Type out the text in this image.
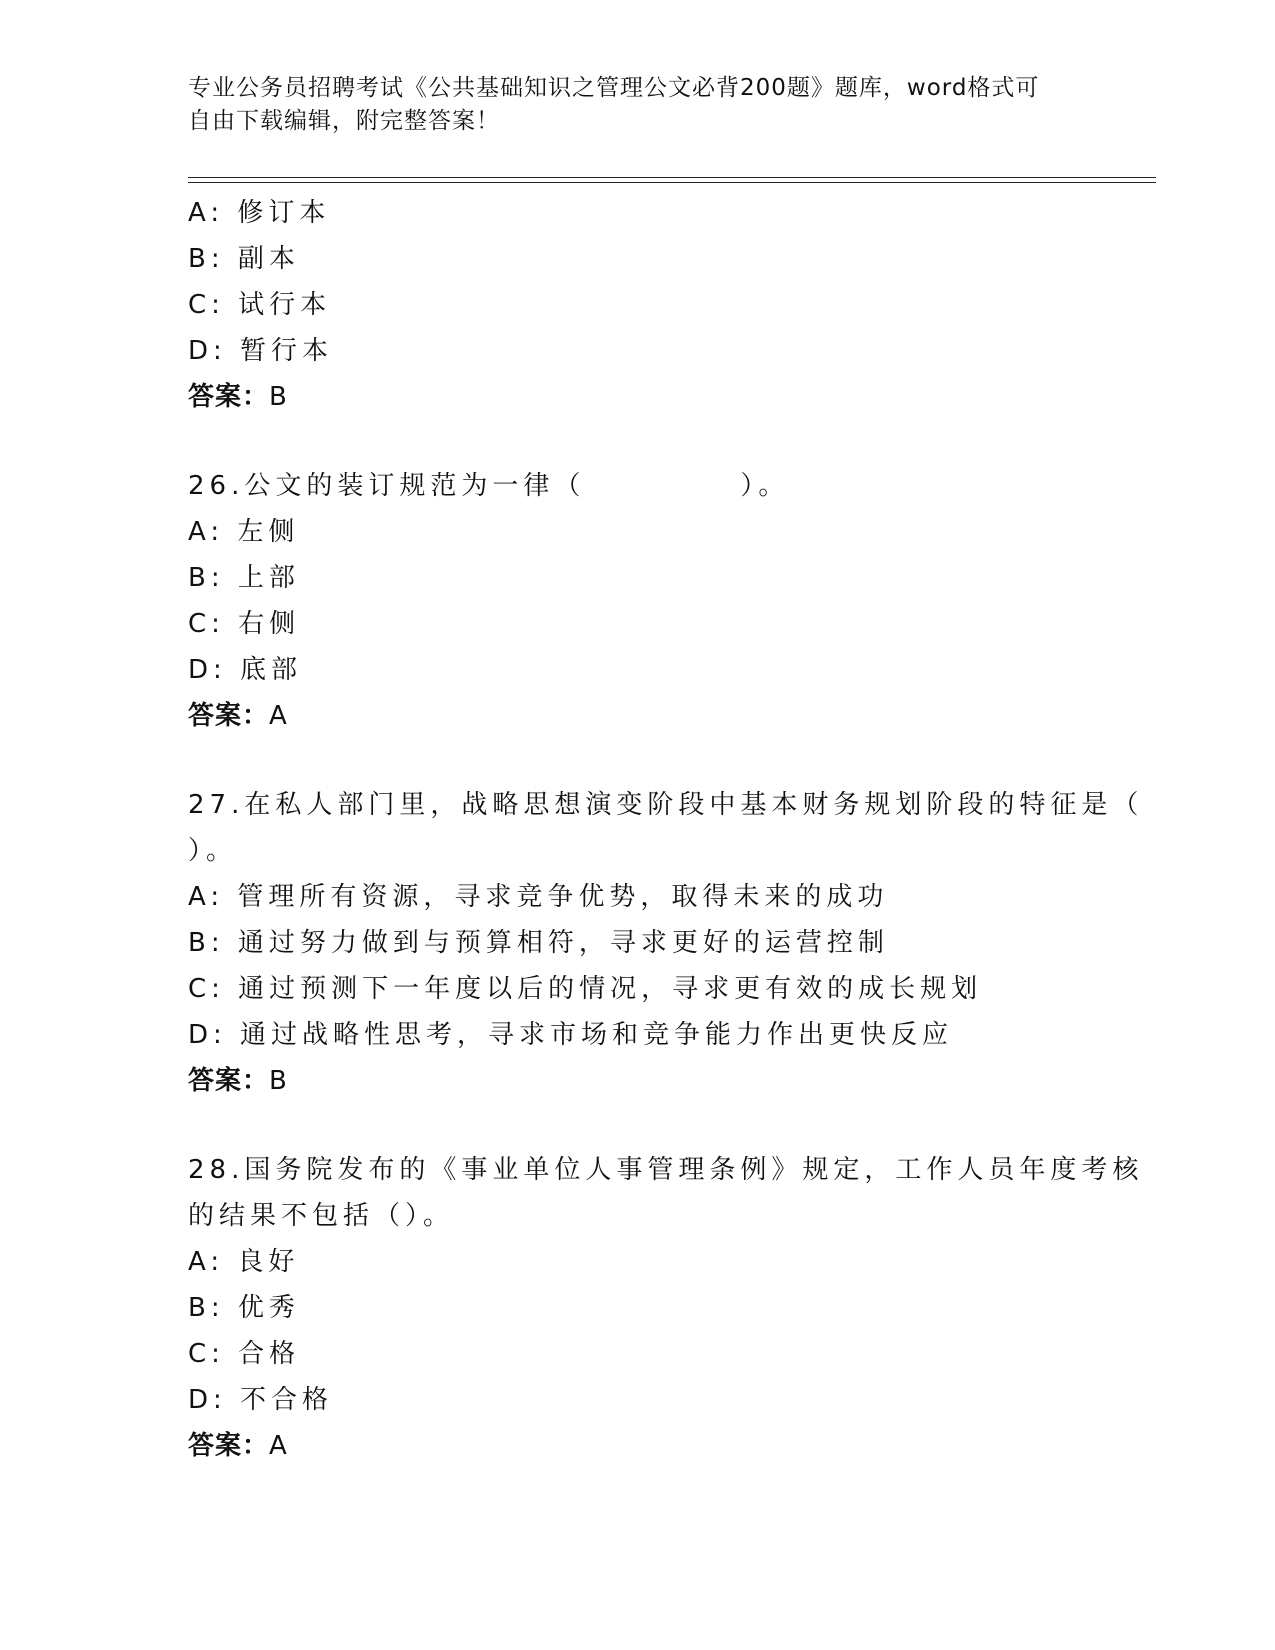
专业公务员招聘考试《公共基础知识之管理公文必背200题》题库，word格式可
自由下载编辑，附完整答案！
A: 修订本
B: 副本
C: 试行本
D: 暂行本
答案：B
26.公文的装订规范为一律（　　　　　）。
A: 左侧
B: 上部
C: 右侧
D: 底部
答案：A
27.在私人部门里，战略思想演变阶段中基本财务规划阶段的特征是（
）。
A: 管理所有资源，寻求竞争优势，取得未来的成功
B: 通过努力做到与预算相符，寻求更好的运营控制
C: 通过预测下一年度以后的情况，寻求更有效的成长规划
D: 通过战略性思考，寻求市场和竞争能力作出更快反应
答案：B
28.国务院发布的《事业单位人事管理条例》规定，工作人员年度考核
的结果不包括（）。
A: 良好
B: 优秀
C: 合格
D: 不合格
答案：A
